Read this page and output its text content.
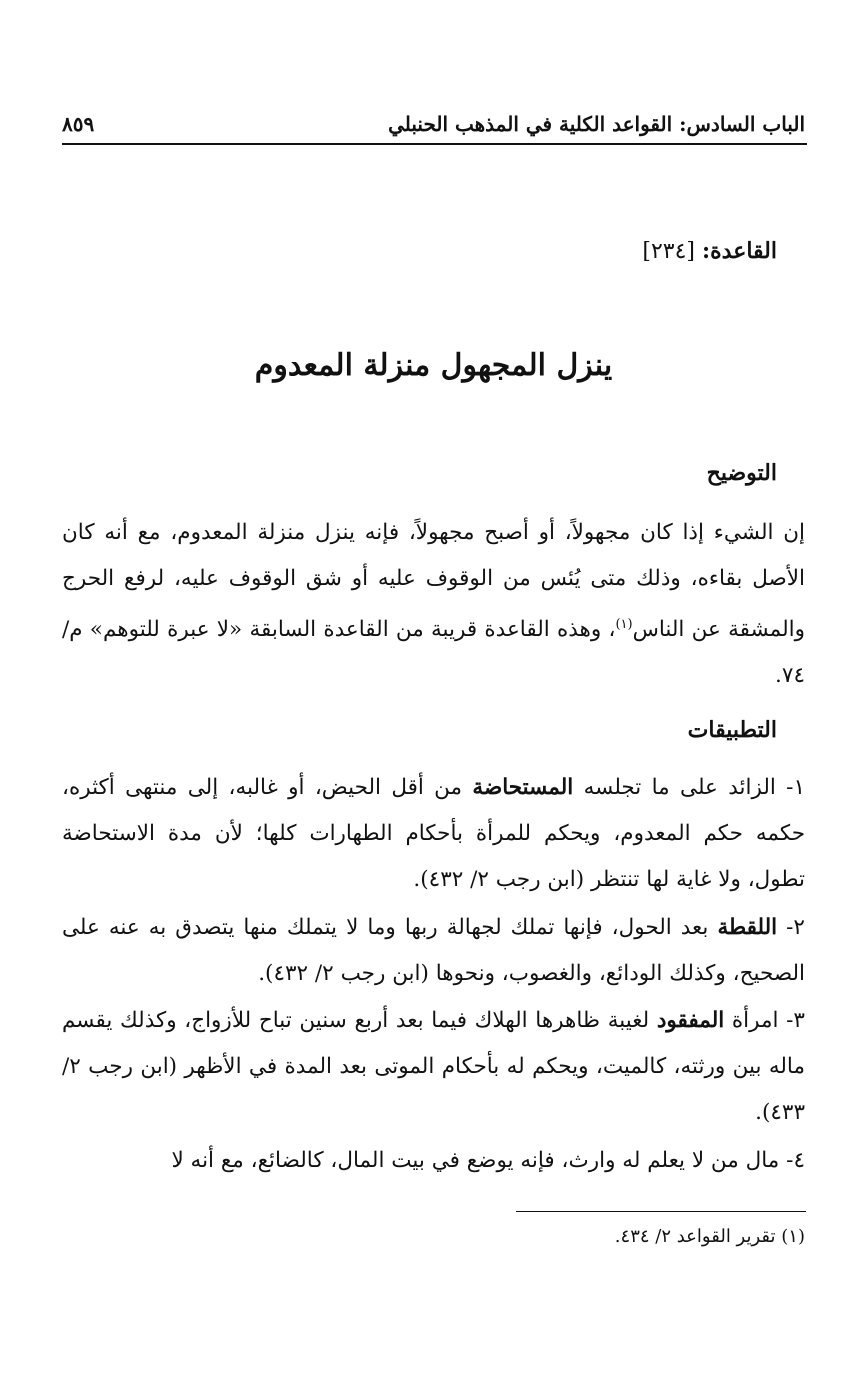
الباب السادس: القواعد الكلية في المذهب الحنبلي
٨٥٩
القاعدة: [٢٣٤]
ينزل المجهول منزلة المعدوم
التوضيح
إن الشيء إذا كان مجهولاً، أو أصبح مجهولاً، فإنه ينزل منزلة المعدوم، مع أنه كان الأصل بقاءه، وذلك متى يُئس من الوقوف عليه أو شق الوقوف عليه، لرفع الحرج والمشقة عن الناس$^{(١)}$، وهذه القاعدة قريبة من القاعدة السابقة «لا عبرة للتوهم» م/ ٧٤.
التطبيقات
١- الزائد على ما تجلسه المستحاضة من أقل الحيض، أو غالبه، إلى منتهى أكثره، حكمه حكم المعدوم، ويحكم للمرأة بأحكام الطهارات كلها؛ لأن مدة الاستحاضة تطول، ولا غاية لها تنتظر (ابن رجب ٢/ ٤٣٢).
٢- اللقطة بعد الحول، فإنها تملك لجهالة ربها وما لا يتملك منها يتصدق به عنه على الصحيح، وكذلك الودائع، والغصوب، ونحوها (ابن رجب ٢/ ٤٣٢).
٣- امرأة المفقود لغيبة ظاهرها الهلاك فيما بعد أربع سنين تباح للأزواج، وكذلك يقسم ماله بين ورثته، كالميت، ويحكم له بأحكام الموتى بعد المدة في الأظهر (ابن رجب ٢/ ٤٣٣).
٤- مال من لا يعلم له وارث، فإنه يوضع في بيت المال، كالضائع، مع أنه لا
(١) تقرير القواعد ٢/ ٤٣٤.
